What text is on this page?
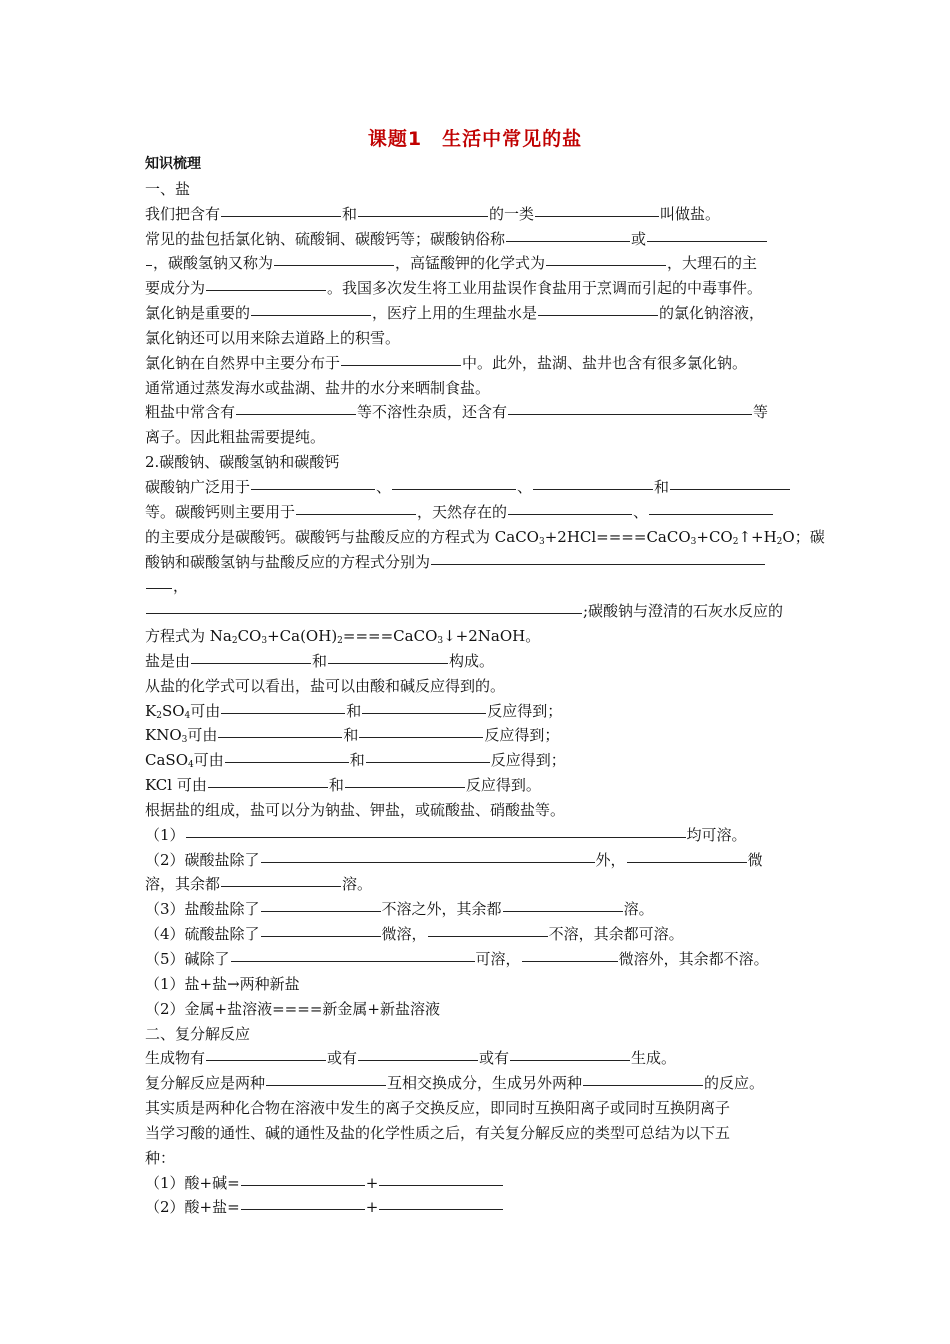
课题1　生活中常见的盐
知识梳理
一、盐
我们把含有	和	的一类	叫做盐。
常见的盐包括氯化钠、硫酸铜、碳酸钙等；碳酸钠俗称	或
，碳酸氢钠又称为	，高锰酸钾的化学式为	，大理石的主
要成分为	。我国多次发生将工业用盐误作食盐用于烹调而引起的中毒事件。
氯化钠是重要的	，医疗上用的生理盐水是	的氯化钠溶液，
氯化钠还可以用来除去道路上的积雪。
氯化钠在自然界中主要分布于	中。此外，盐湖、盐井也含有很多氯化钠。
通常通过蒸发海水或盐湖、盐井的水分来晒制食盐。
粗盐中常含有	等不溶性杂质，还含有	等
离子。因此粗盐需要提纯。
2.碳酸钠、碳酸氢钠和碳酸钙
碳酸钠广泛用于	、	、	和
等。碳酸钙则主要用于	，天然存在的	、
的主要成分是碳酸钙。碳酸钙与盐酸反应的方程式为 $CaCO_3+2HCl====CaCO_3+CO_2↑+H_2O$；碳
酸钠和碳酸氢钠与盐酸反应的方程式分别为
，
;碳酸钠与澄清的石灰水反应的
方程式为 $Na_2CO_3+Ca(OH)_2====CaCO_3↓+2NaOH$。
盐是由	和	构成。
从盐的化学式可以看出，盐可以由酸和碱反应得到的。
$K_2SO_4$可由	和	反应得到；
$KNO_3$可由	和	反应得到；
CaSO$_4$可由	和	反应得到；
KCl 可由	和	反应得到。
根据盐的组成，盐可以分为钠盐、钾盐，或硫酸盐、硝酸盐等。
（1）	均可溶。
（2）碳酸盐除了	外，	微
溶，其余都	溶。
（3）盐酸盐除了	不溶之外，其余都	溶。
（4）硫酸盐除了	微溶，	不溶，其余都可溶。
（5）碱除了	可溶，	微溶外，其余都不溶。
（1）盐+盐→两种新盐
（2）金属+盐溶液====新金属+新盐溶液
二、复分解反应
生成物有	或有	或有	生成。
复分解反应是两种	互相交换成分，生成另外两种	的反应。
其实质是两种化合物在溶液中发生的离子交换反应，即同时互换阳离子或同时互换阴离子
当学习酸的通性、碱的通性及盐的化学性质之后，有关复分解反应的类型可总结为以下五
种：
（1）酸+碱=	+
（2）酸+盐=	+
